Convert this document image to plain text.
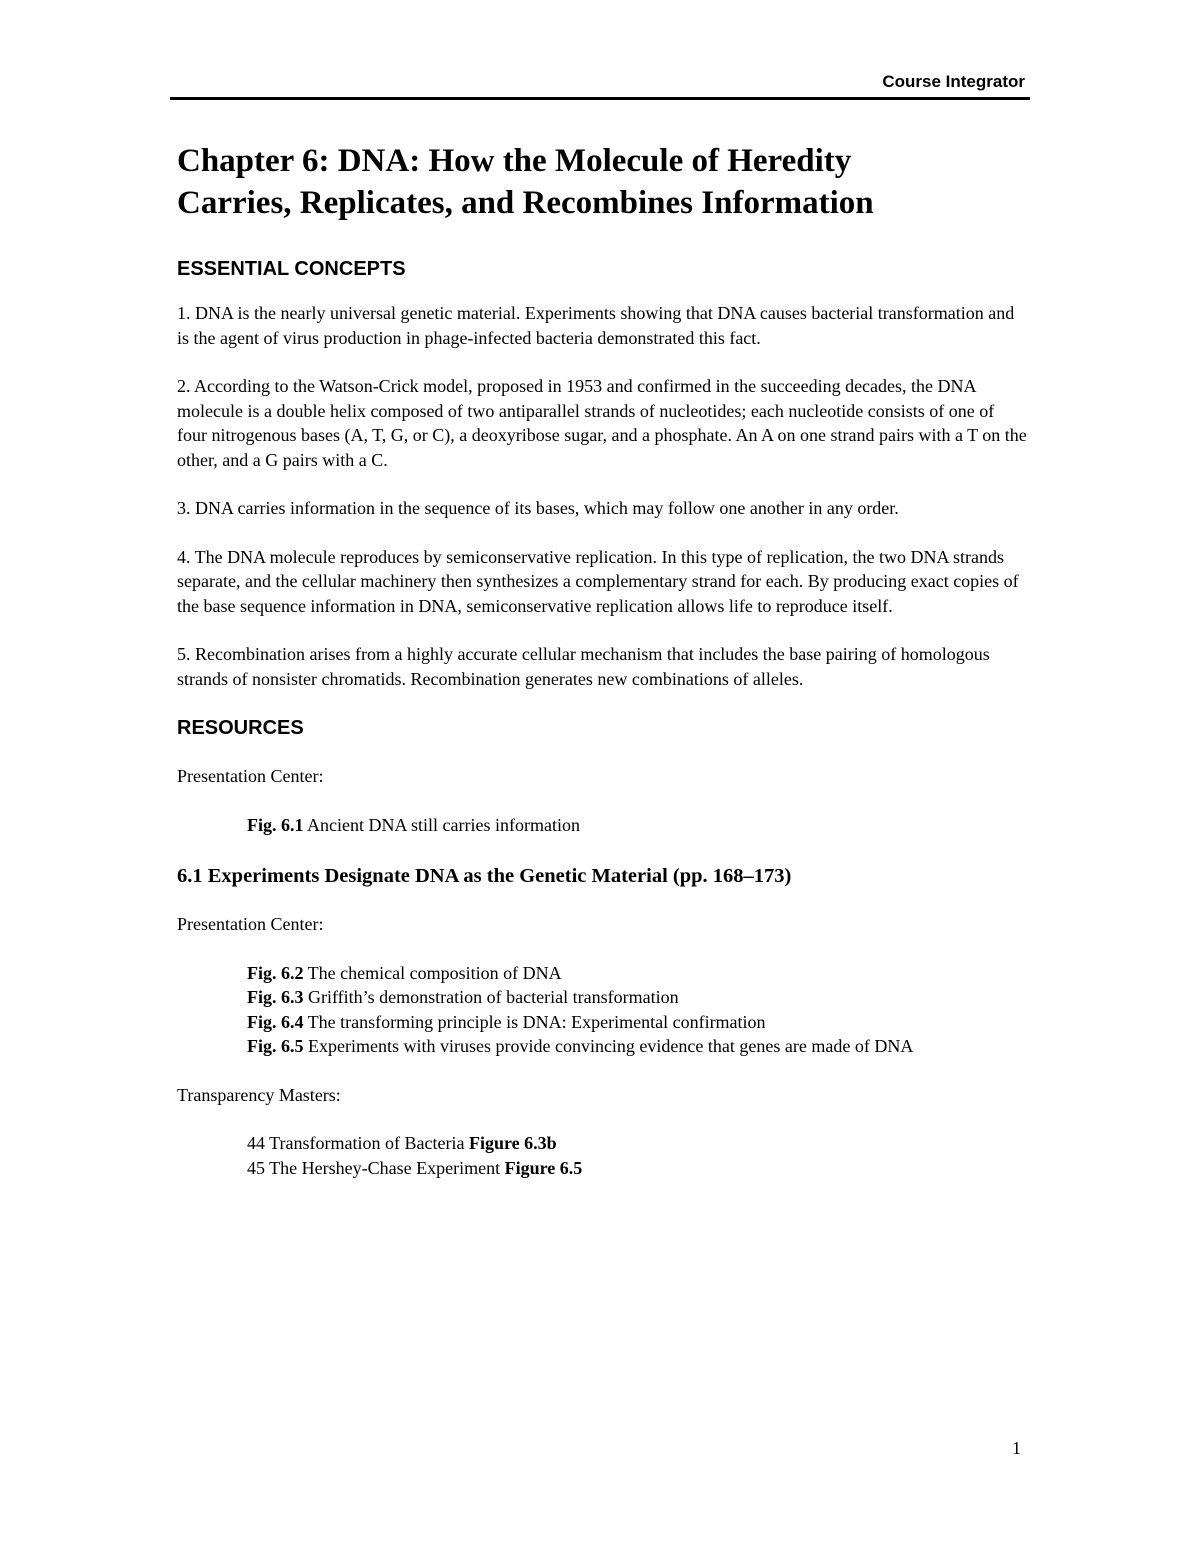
Course Integrator
Chapter 6: DNA: How the Molecule of Heredity
Carries, Replicates, and Recombines Information
ESSENTIAL CONCEPTS

1. DNA is the nearly universal genetic material. Experiments showing that DNA causes bacterial transformation and is the agent of virus production in phage-infected bacteria demonstrated this fact.

2. According to the Watson-Crick model, proposed in 1953 and confirmed in the succeeding decades, the DNA molecule is a double helix composed of two antiparallel strands of nucleotides; each nucleotide consists of one of four nitrogenous bases (A, T, G, or C), a deoxyribose sugar, and a phosphate. An A on one strand pairs with a T on the other, and a G pairs with a C.

3. DNA carries information in the sequence of its bases, which may follow one another in any order.

4. The DNA molecule reproduces by semiconservative replication. In this type of replication, the two DNA strands separate, and the cellular machinery then synthesizes a complementary strand for each. By producing exact copies of the base sequence information in DNA, semiconservative replication allows life to reproduce itself.

5. Recombination arises from a highly accurate cellular mechanism that includes the base pairing of homologous strands of nonsister chromatids. Recombination generates new combinations of alleles.

RESOURCES

Presentation Center:

Fig. 6.1 Ancient DNA still carries information
6.1 Experiments Designate DNA as the Genetic Material (pp. 168–173)

Presentation Center:

Fig. 6.2 The chemical composition of DNA
Fig. 6.3 Griffith’s demonstration of bacterial transformation
Fig. 6.4 The transforming principle is DNA: Experimental confirmation
Fig. 6.5 Experiments with viruses provide convincing evidence that genes are made of DNA

Transparency Masters:

44 Transformation of Bacteria Figure 6.3b
45 The Hershey-Chase Experiment Figure 6.5
1
